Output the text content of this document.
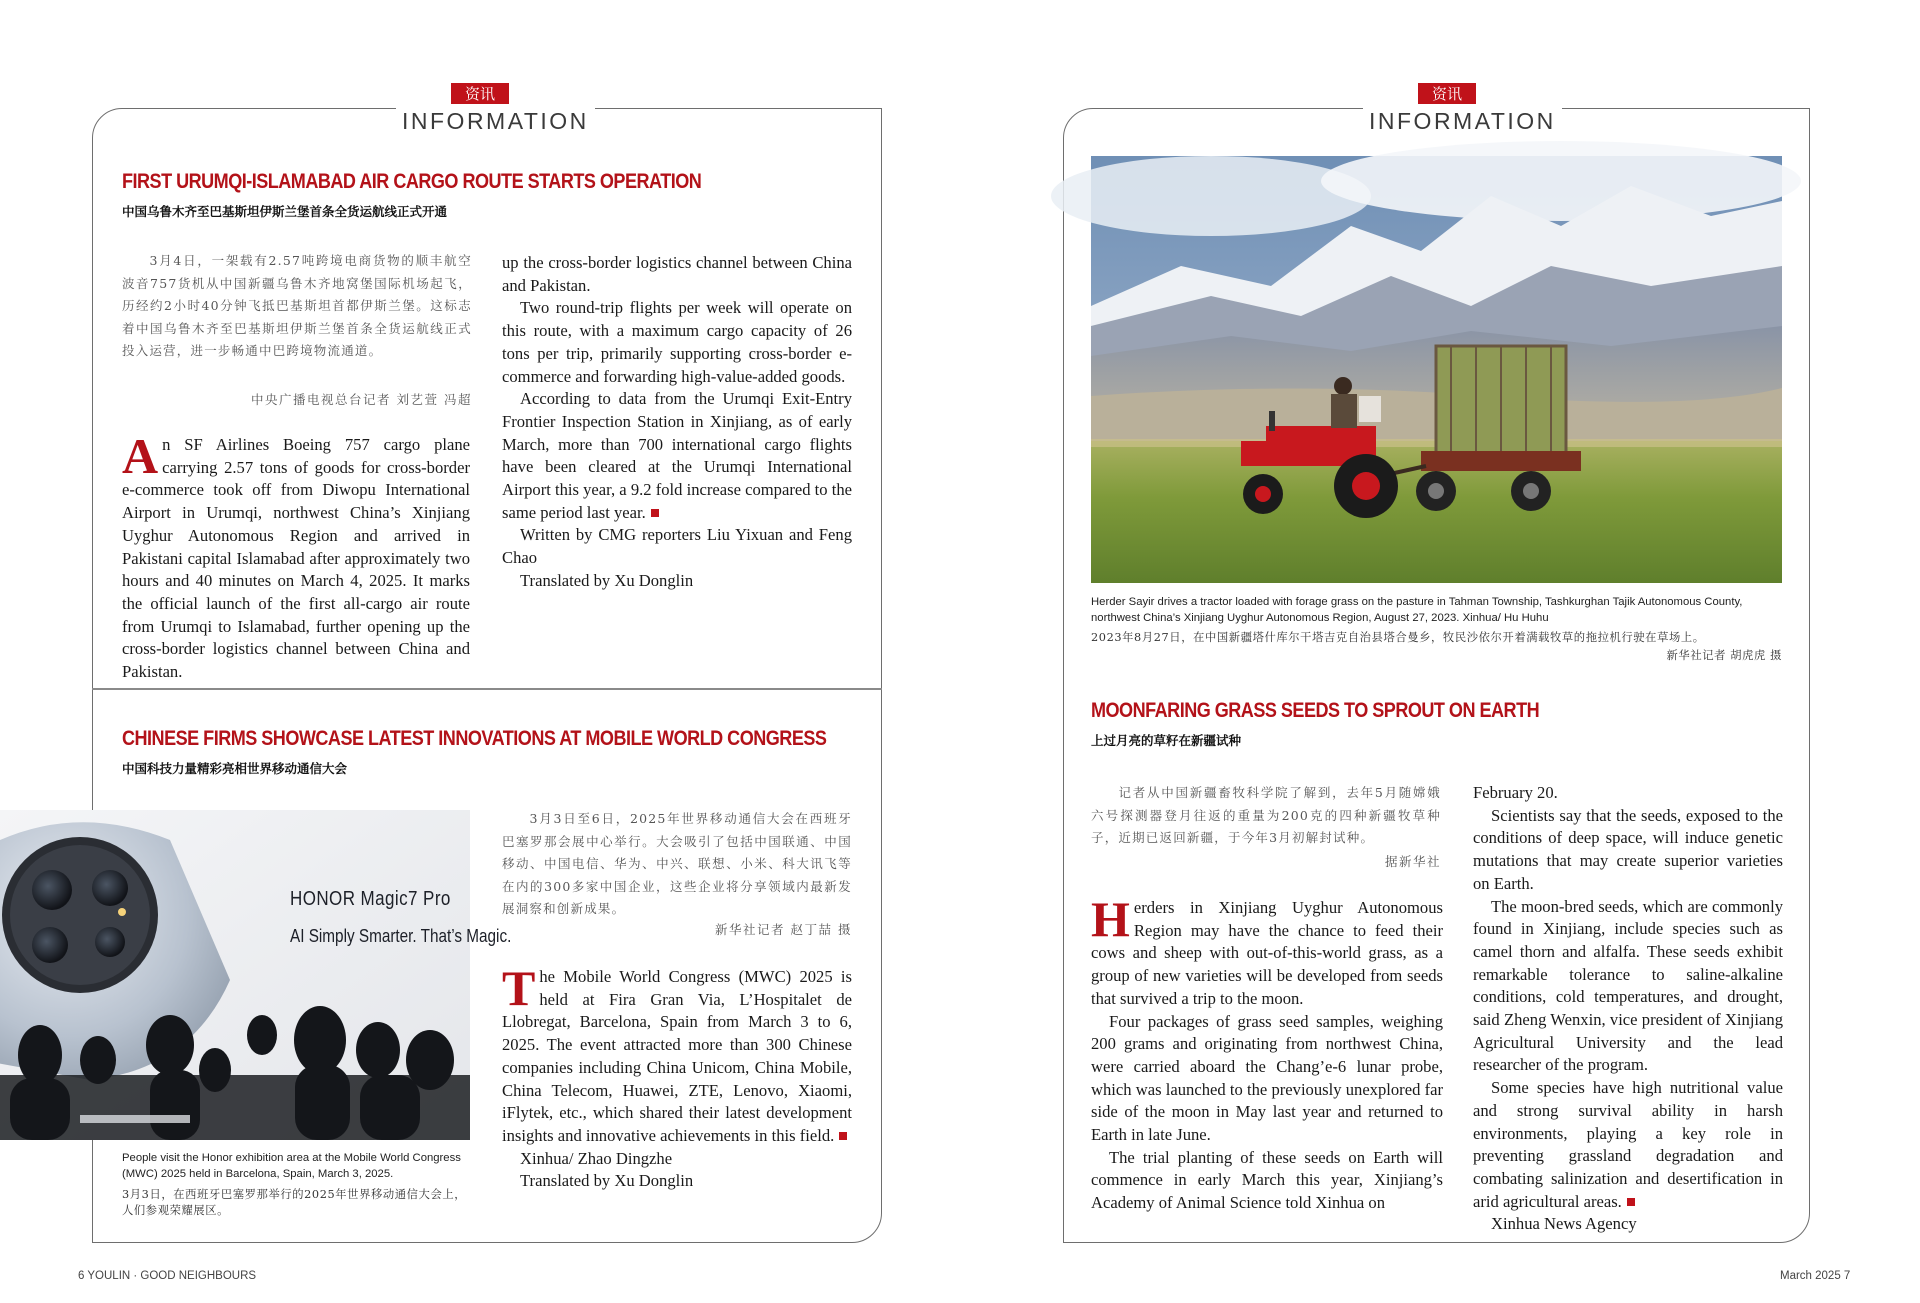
资讯
INFORMATION
FIRST URUMQI-ISLAMABAD AIR CARGO ROUTE STARTS OPERATION
中国乌鲁木齐至巴基斯坦伊斯兰堡首条全货运航线正式开通
3月4日，一架载有2.57吨跨境电商货物的顺丰航空波音757货机从中国新疆乌鲁木齐地窝堡国际机场起飞，历经约2小时40分钟飞抵巴基斯坦首都伊斯兰堡。这标志着中国乌鲁木齐至巴基斯坦伊斯兰堡首条全货运航线正式投入运营，进一步畅通中巴跨境物流通道。
中央广播电视总台记者 刘艺萱 冯超

An SF Airlines Boeing 757 cargo plane carrying 2.57 tons of goods for cross-border e-commerce took off from Diwopu International Airport in Urumqi, northwest China’s Xinjiang Uyghur Autonomous Region and arrived in Pakistani capital Islamabad after approximately two hours and 40 minutes on March 4, 2025. It marks the official launch of the first all-cargo air route from Urumqi to Islamabad, further opening up the cross-border logistics channel between China and Pakistan.

up the cross-border logistics channel between China and Pakistan.

Two round-trip flights per week will operate on this route, with a maximum cargo capacity of 26 tons per trip, primarily supporting cross-border e-commerce and forwarding high-value-added goods.

According to data from the Urumqi Exit-Entry Frontier Inspection Station in Xinjiang, as of early March, more than 700 international cargo flights have been cleared at the Urumqi International Airport this year, a 9.2 fold increase compared to the same period last year.

Written by CMG reporters Liu Yixuan and Feng Chao

Translated by Xu Donglin

CHINESE FIRMS SHOWCASE LATEST INNOVATIONS AT MOBILE WORLD CONGRESS
中国科技力量精彩亮相世界移动通信大会
HONOR Magic7 Pro
AI Simply Smarter. That’s Magic.
People visit the Honor exhibition area at the Mobile World Congress (MWC) 2025 held in Barcelona, Spain, March 3, 2025.
3月3日，在西班牙巴塞罗那举行的2025年世界移动通信大会上，人们参观荣耀展区。
3月3日至6日，2025年世界移动通信大会在西班牙巴塞罗那会展中心举行。大会吸引了包括中国联通、中国移动、中国电信、华为、中兴、联想、小米、科大讯飞等在内的300多家中国企业，这些企业将分享领域内最新发展洞察和创新成果。
新华社记者 赵丁喆 摄

The Mobile World Congress (MWC) 2025 is held at Fira Gran Via, L’Hospitalet de Llobregat, Barcelona, Spain from March 3 to 6, 2025. The event attracted more than 300 Chinese companies including China Unicom, China Mobile, China Telecom, Huawei, ZTE, Lenovo, Xiaomi, iFlytek, etc., which shared their latest development insights and innovative achievements in this field.

Xinhua/ Zhao Dingzhe

Translated by Xu Donglin

6 YOULIN · GOOD NEIGHBOURS
资讯
INFORMATION
Herder Sayir drives a tractor loaded with forage grass on the pasture in Tahman Township, Tashkurghan Tajik Autonomous County, northwest China’s Xinjiang Uyghur Autonomous Region, August 27, 2023. Xinhua/ Hu Huhu
2023年8月27日，在中国新疆塔什库尔干塔吉克自治县塔合曼乡，牧民沙依尔开着满载牧草的拖拉机行驶在草场上。
新华社记者 胡虎虎 摄
MOONFARING GRASS SEEDS TO SPROUT ON EARTH
上过月亮的草籽在新疆试种
记者从中国新疆畜牧科学院了解到，去年5月随嫦娥六号探测器登月往返的重量为200克的四种新疆牧草种子，近期已返回新疆，于今年3月初解封试种。
据新华社

Herders in Xinjiang Uyghur Autonomous Region may have the chance to feed their cows and sheep with out-of-this-world grass, as a group of new varieties will be developed from seeds that survived a trip to the moon.

Four packages of grass seed samples, weighing 200 grams and originating from northwest China, were carried aboard the Chang’e-6 lunar probe, which was launched to the previously unexplored far side of the moon in May last year and returned to Earth in late June.

The trial planting of these seeds on Earth will commence in early March this year, Xinjiang’s Academy of Animal Science told Xinhua on

February 20.

Scientists say that the seeds, exposed to the conditions of deep space, will induce genetic mutations that may create superior varieties on Earth.

The moon-bred seeds, which are commonly found in Xinjiang, include species such as camel thorn and alfalfa. These seeds exhibit remarkable tolerance to saline-alkaline conditions, cold temperatures, and drought, said Zheng Wenxin, vice president of Xinjiang Agricultural University and the lead researcher of the program.

Some species have high nutritional value and strong survival ability in harsh environments, playing a key role in preventing grassland degradation and combating salinization and desertification in arid agricultural areas.

Xinhua News Agency

March 2025 7
